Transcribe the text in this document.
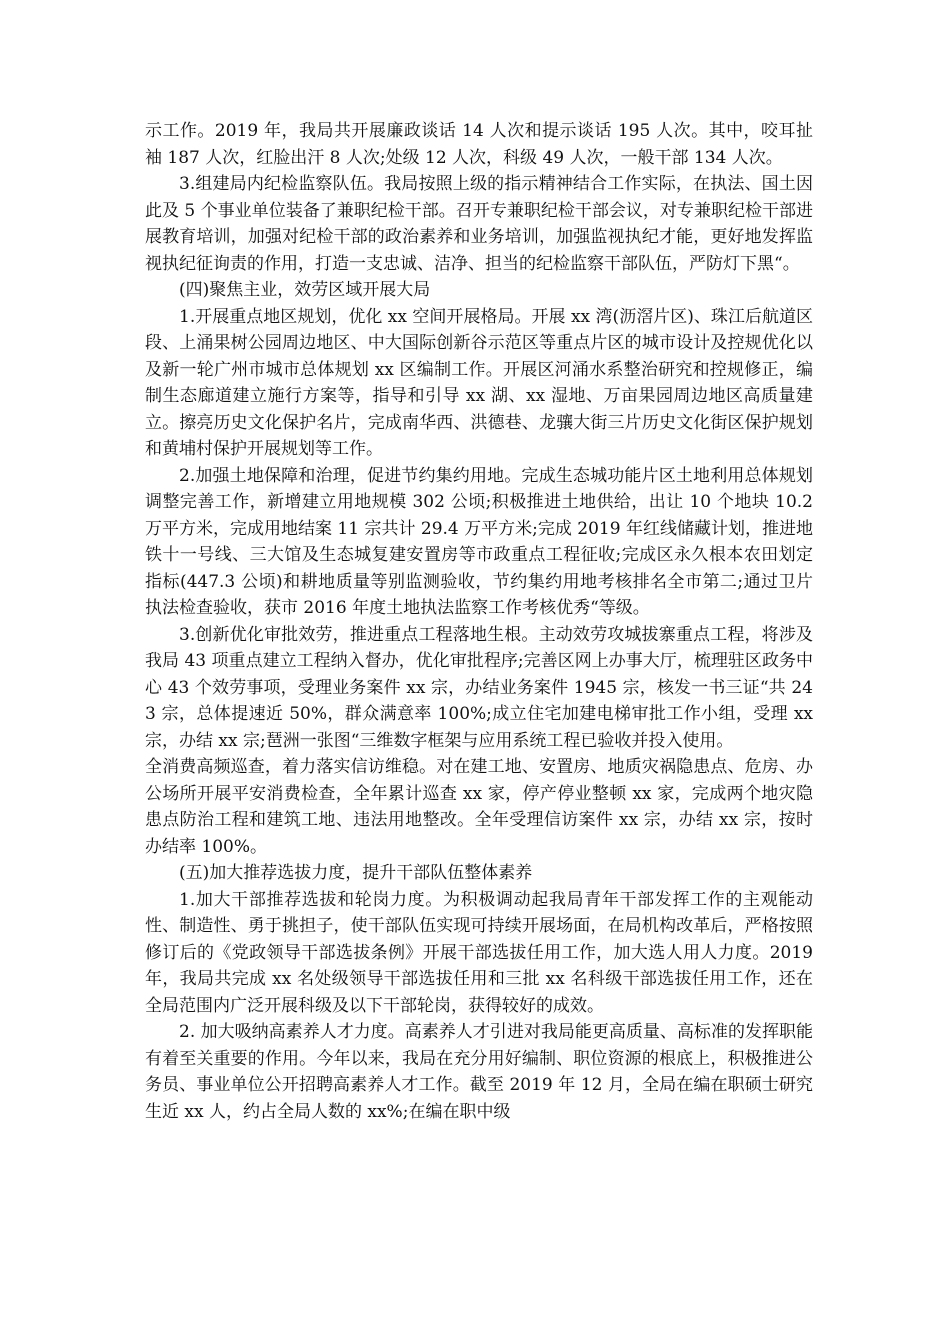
示工作。2019 年，我局共开展廉政谈话 14 人次和提示谈话 195 人次。其中，咬耳扯袖 187 人次，红脸出汗 8 人次;处级 12 人次，科级 49 人次，一般干部 134 人次。

3.组建局内纪检监察队伍。我局按照上级的指示精神结合工作实际，在执法、国土因此及 5 个事业单位装备了兼职纪检干部。召开专兼职纪检干部会议，对专兼职纪检干部进展教育培训，加强对纪检干部的政治素养和业务培训，加强监视执纪才能，更好地发挥监视执纪征询责的作用，打造一支忠诚、洁净、担当的纪检监察干部队伍，严防灯下黑“。

(四)聚焦主业，效劳区域开展大局

1.开展重点地区规划，优化 xx 空间开展格局。开展 xx 湾(沥滘片区)、珠江后航道区段、上涌果树公园周边地区、中大国际创新谷示范区等重点片区的城市设计及控规优化以及新一轮广州市城市总体规划 xx 区编制工作。开展区河涌水系整治研究和控规修正，编制生态廊道建立施行方案等，指导和引导 xx 湖、xx 湿地、万亩果园周边地区高质量建立。擦亮历史文化保护名片，完成南华西、洪德巷、龙骧大街三片历史文化街区保护规划和黄埔村保护开展规划等工作。

2.加强土地保障和治理，促进节约集约用地。完成生态城功能片区土地利用总体规划调整完善工作，新增建立用地规模 302 公顷;积极推进土地供给，出让 10 个地块 10.2 万平方米，完成用地结案 11 宗共计 29.4 万平方米;完成 2019 年红线储藏计划，推进地铁十一号线、三大馆及生态城复建安置房等市政重点工程征收;完成区永久根本农田划定指标(447.3 公顷)和耕地质量等别监测验收，节约集约用地考核排名全市第二;通过卫片执法检查验收，获市 2016 年度土地执法监察工作考核优秀“等级。

3.创新优化审批效劳，推进重点工程落地生根。主动效劳攻城拔寨重点工程，将涉及我局 43 项重点建立工程纳入督办，优化审批程序;完善区网上办事大厅，梳理驻区政务中心 43 个效劳事项，受理业务案件 xx 宗，办结业务案件 1945 宗，核发一书三证“共 243 宗，总体提速近 50%，群众满意率 100%;成立住宅加建电梯审批工作小组，受理 xx 宗，办结 xx 宗;琶洲一张图“三维数字框架与应用系统工程已验收并投入使用。

全消费高频巡查，着力落实信访维稳。对在建工地、安置房、地质灾祸隐患点、危房、办公场所开展平安消费检查，全年累计巡查 xx 家，停产停业整顿 xx 家，完成两个地灾隐患点防治工程和建筑工地、违法用地整改。全年受理信访案件 xx 宗，办结 xx 宗，按时办结率 100%。

(五)加大推荐选拔力度，提升干部队伍整体素养

1.加大干部推荐选拔和轮岗力度。为积极调动起我局青年干部发挥工作的主观能动性、制造性、勇于挑担子，使干部队伍实现可持续开展场面，在局机构改革后，严格按照修订后的《党政领导干部选拔条例》开展干部选拔任用工作，加大选人用人力度。2019 年，我局共完成 xx 名处级领导干部选拔任用和三批 xx 名科级干部选拔任用工作，还在全局范围内广泛开展科级及以下干部轮岗，获得较好的成效。

2. 加大吸纳高素养人才力度。高素养人才引进对我局能更高质量、高标准的发挥职能有着至关重要的作用。今年以来，我局在充分用好编制、职位资源的根底上，积极推进公务员、事业单位公开招聘高素养人才工作。截至 2019 年 12 月，全局在编在职硕士研究生近 xx 人，约占全局人数的 xx%;在编在职中级
